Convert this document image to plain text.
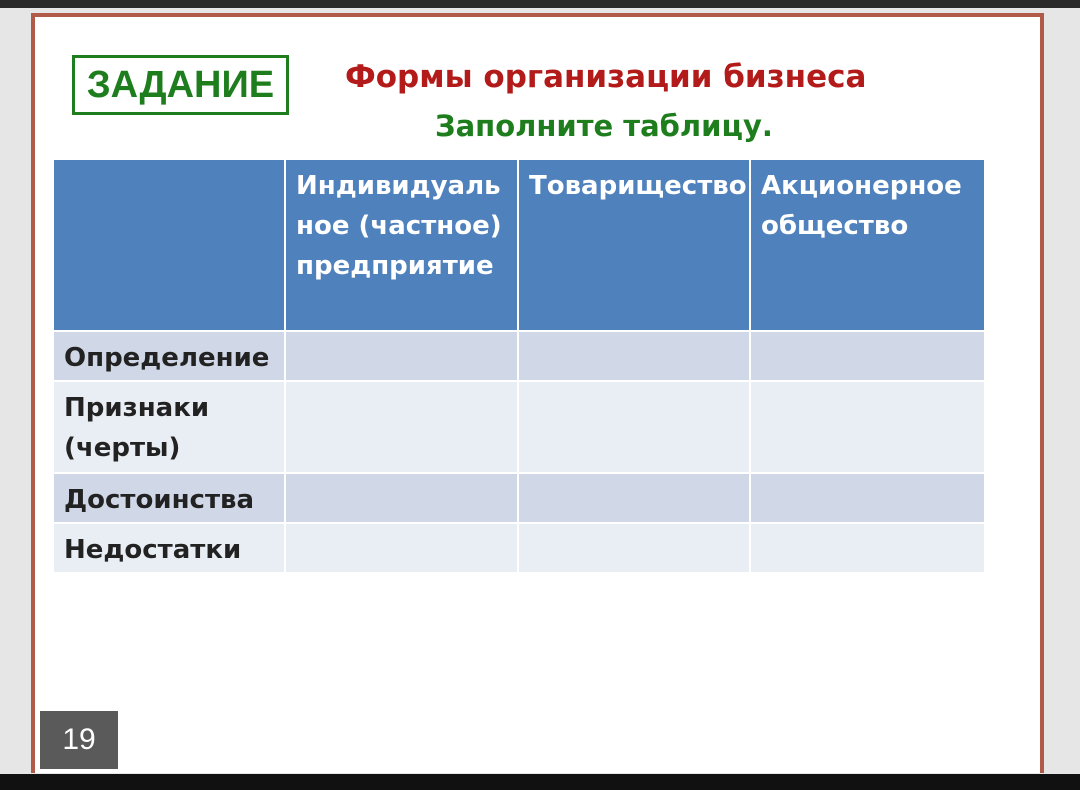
ЗАДАНИЕ	Формы организации бизнеса
Заполните таблицу.
	Индивидуаль ное (частное) предприятие	Товарищество	Акционерное общество
Определение			
Признаки (черты)			
Достоинства			
Недостатки			
19
